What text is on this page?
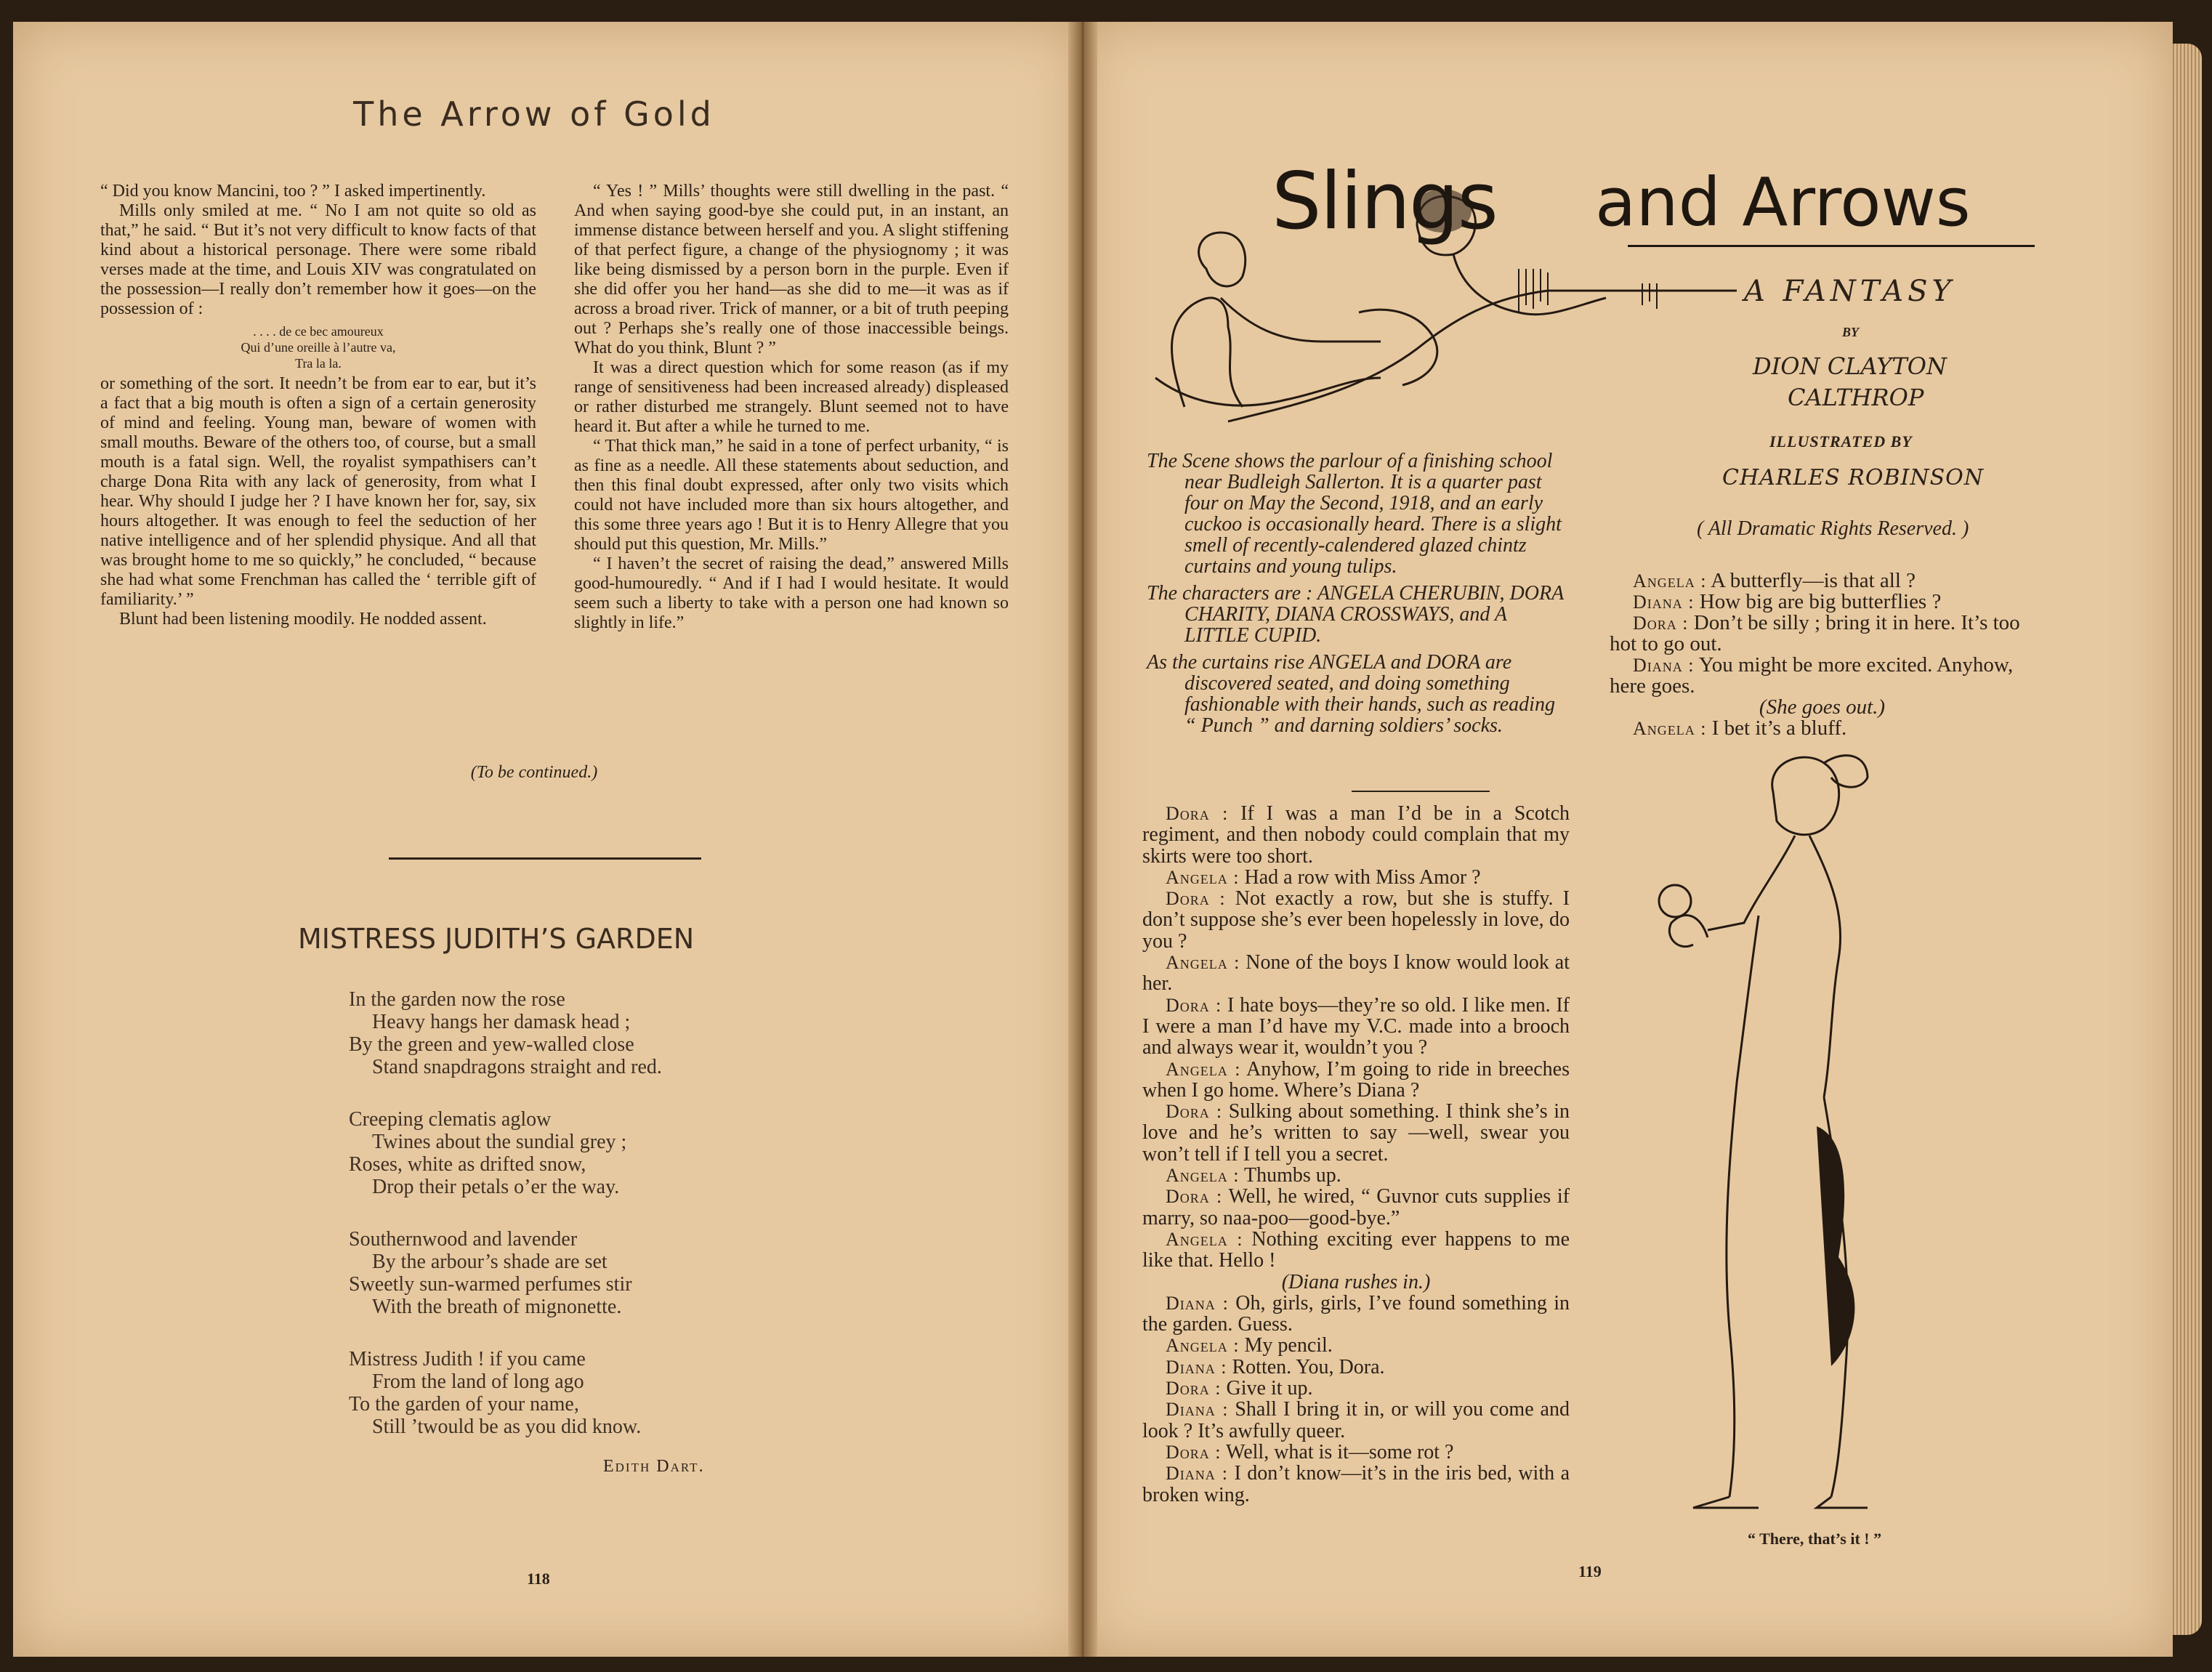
The Arrow of Gold

“ Did you know Mancini, too ? ” I asked impertinently.

Mills only smiled at me. “ No I am not quite so old as that,” he said. “ But it’s not very difficult to know facts of that kind about a historical personage. There were some ribald verses made at the time, and Louis XIV was congratulated on the possession—I really don’t remember how it goes—on the possession of :

. . . . de ce bec amoureux
Qui d’une oreille à l’autre va,
Tra la la.

or something of the sort. It needn’t be from ear to ear, but it’s a fact that a big mouth is often a sign of a certain generosity of mind and feeling. Young man, beware of women with small mouths. Beware of the others too, of course, but a small mouth is a fatal sign. Well, the royalist sympathisers can’t charge Dona Rita with any lack of generosity, from what I hear. Why should I judge her ? I have known her for, say, six hours altogether. It was enough to feel the seduction of her native intelligence and of her splendid physique. And all that was brought home to me so quickly,” he concluded, “ because she had what some Frenchman has called the ‘ terrible gift of familiarity.’ ”

Blunt had been listening moodily. He nodded assent.

“ Yes ! ” Mills’ thoughts were still dwelling in the past. “ And when saying good-bye she could put, in an instant, an immense distance between herself and you. A slight stiffening of that perfect figure, a change of the physiognomy ; it was like being dismissed by a person born in the purple. Even if she did offer you her hand—as she did to me—it was as if across a broad river. Trick of manner, or a bit of truth peeping out ? Perhaps she’s really one of those inaccessible beings. What do you think, Blunt ? ”

It was a direct question which for some reason (as if my range of sensitiveness had been increased already) displeased or rather disturbed me strangely. Blunt seemed not to have heard it. But after a while he turned to me.

“ That thick man,” he said in a tone of perfect urbanity, “ is as fine as a needle. All these statements about seduction, and then this final doubt expressed, after only two visits which could not have included more than six hours altogether, and this some three years ago ! But it is to Henry Allegre that you should put this question, Mr. Mills.”

“ I haven’t the secret of raising the dead,” answered Mills good-humouredly. “ And if I had I would hesitate. It would seem such a liberty to take with a person one had known so slightly in life.”

(To be continued.)
MISTRESS JUDITH’S GARDEN
In the garden now the rose
Heavy hangs her damask head ;
By the green and yew-walled close
Stand snapdragons straight and red.
Creeping clematis aglow
Twines about the sundial grey ;
Roses, white as drifted snow,
Drop their petals o’er the way.
Southernwood and lavender
By the arbour’s shade are set
Sweetly sun-warmed perfumes stir
With the breath of mignonette.
Mistress Judith ! if you came
From the land of long ago
To the garden of your name,
Still ’twould be as you did know.
Edith Dart.
118
Slings and Arrows
A FANTASY
BY
DION CLAYTON
CALTHROP
ILLUSTRATED BY
CHARLES ROBINSON
( All Dramatic Rights Reserved. )

The Scene shows the parlour of a finishing school near Budleigh Sallerton. It is a quarter past four on May the Second, 1918, and an early cuckoo is occasionally heard. There is a slight smell of recently-calendered glazed chintz curtains and young tulips.

The characters are : ANGELA CHERUBIN, DORA CHARITY, DIANA CROSSWAYS, and A LITTLE CUPID.

As the curtains rise ANGELA and DORA are discovered seated, and doing something fashionable with their hands, such as reading “ Punch ” and darning soldiers’ socks.

Dora : If I was a man I’d be in a Scotch regiment, and then nobody could complain that my skirts were too short.

Angela : Had a row with Miss Amor ?

Dora : Not exactly a row, but she is stuffy. I don’t suppose she’s ever been hopelessly in love, do you ?

Angela : None of the boys I know would look at her.

Dora : I hate boys—they’re so old. I like men. If I were a man I’d have my V.C. made into a brooch and always wear it, wouldn’t you ?

Angela : Anyhow, I’m going to ride in breeches when I go home. Where’s Diana ?

Dora : Sulking about something. I think she’s in love and he’s written to say —well, swear you won’t tell if I tell you a secret.

Angela : Thumbs up.

Dora : Well, he wired, “ Guvnor cuts supplies if marry, so naa-poo—good-bye.”

Angela : Nothing exciting ever happens to me like that. Hello !

(Diana rushes in.)

Diana : Oh, girls, girls, I’ve found something in the garden. Guess.

Angela : My pencil.

Diana : Rotten. You, Dora.

Dora : Give it up.

Diana : Shall I bring it in, or will you come and look ? It’s awfully queer.

Dora : Well, what is it—some rot ?

Diana : I don’t know—it’s in the iris bed, with a broken wing.

Angela : A butterfly—is that all ?

Diana : How big are big butterflies ?

Dora : Don’t be silly ; bring it in here. It’s too hot to go out.

Diana : You might be more excited. Anyhow, here goes.

(She goes out.)

Angela : I bet it’s a bluff.

“ There, that’s it ! ”
119
